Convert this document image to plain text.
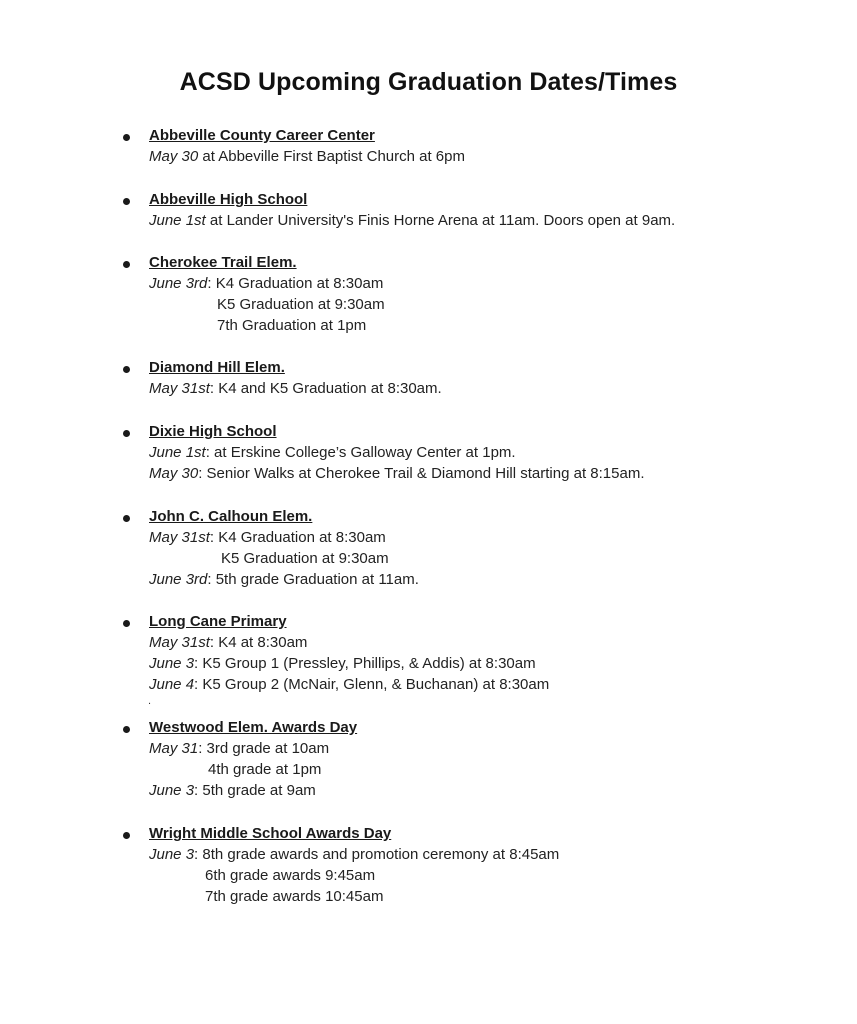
ACSD Upcoming Graduation Dates/Times
Abbeville County Career Center
May 30 at Abbeville First Baptist Church at 6pm
Abbeville High School
June 1st at Lander University's Finis Horne Arena at 11am. Doors open at 9am.
Cherokee Trail Elem.
June 3rd: K4 Graduation at 8:30am
K5 Graduation at 9:30am
7th Graduation at 1pm
Diamond Hill Elem.
May 31st: K4 and K5 Graduation at 8:30am.
Dixie High School
June 1st: at Erskine College’s Galloway Center at 1pm.
May 30: Senior Walks at Cherokee Trail & Diamond Hill starting at 8:15am.
John C. Calhoun Elem.
May 31st: K4 Graduation at 8:30am
K5 Graduation at 9:30am
June 3rd: 5th grade Graduation at 11am.
Long Cane Primary
May 31st: K4 at 8:30am
June 3: K5 Group 1 (Pressley, Phillips, & Addis) at 8:30am
June 4: K5 Group 2 (McNair, Glenn, & Buchanan) at 8:30am
.
Westwood Elem. Awards Day
May 31: 3rd grade at 10am
4th grade at 1pm
June 3: 5th grade at 9am
Wright Middle School Awards Day
June 3: 8th grade awards and promotion ceremony at 8:45am
6th grade awards 9:45am
7th grade awards 10:45am
